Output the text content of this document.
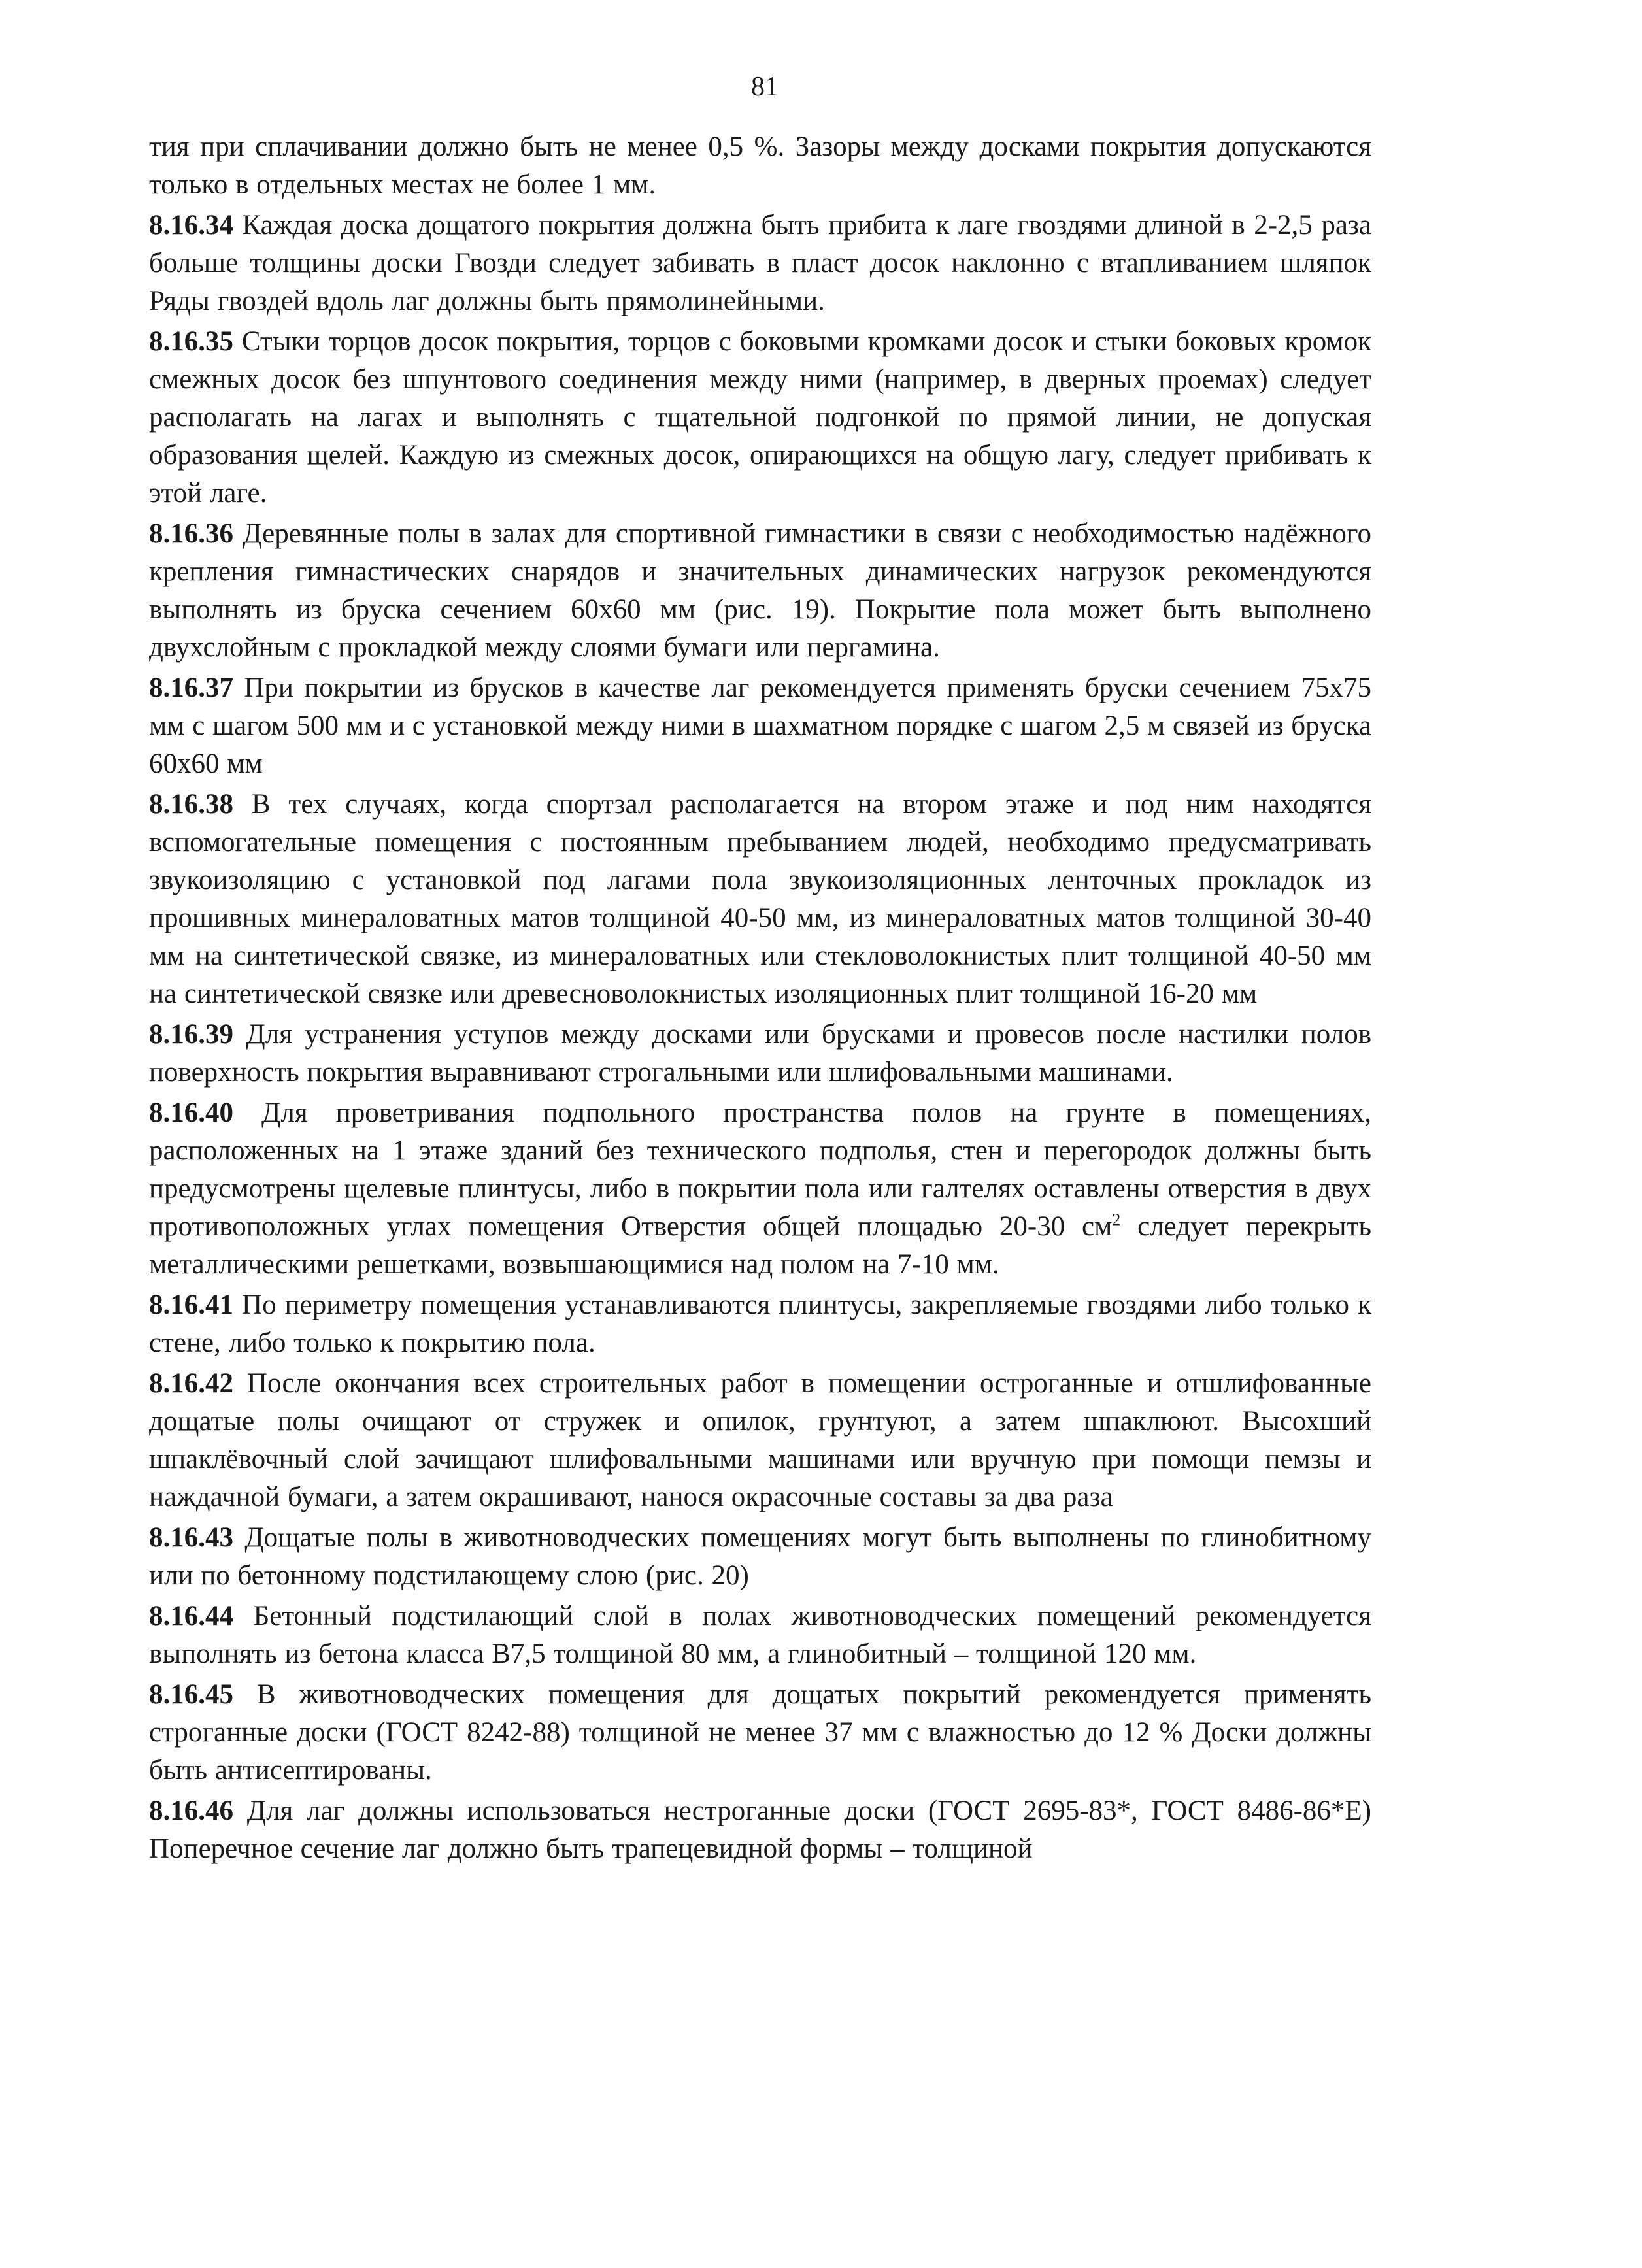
81

тия при сплачивании должно быть не менее 0,5 %. Зазоры между досками покрытия допускаются только в отдельных местах не более 1 мм.

8.16.34 Каждая доска дощатого покрытия должна быть прибита к лаге гвоздями длиной в 2-2,5 раза больше толщины доски Гвозди следует забивать в пласт досок наклонно с втапливанием шляпок Ряды гвоздей вдоль лаг должны быть прямолинейными.

8.16.35 Стыки торцов досок покрытия, торцов с боковыми кромками досок и стыки боковых кромок смежных досок без шпунтового соединения между ними (например, в дверных проемах) следует располагать на лагах и выполнять с тщательной подгонкой по прямой линии, не допуская образования щелей. Каждую из смежных досок, опирающихся на общую лагу, следует прибивать к этой лаге.

8.16.36 Деревянные полы в залах для спортивной гимнастики в связи с необходимостью надёжного крепления гимнастических снарядов и значительных динамических нагрузок рекомендуются выполнять из бруска сечением 60х60 мм (рис. 19). Покрытие пола может быть выполнено двухслойным с прокладкой между слоями бумаги или пергамина.

8.16.37 При покрытии из брусков в качестве лаг рекомендуется применять бруски сечением 75х75 мм с шагом 500 мм и с установкой между ними в шахматном порядке с шагом 2,5 м связей из бруска 60х60 мм

8.16.38 В тех случаях, когда спортзал располагается на втором этаже и под ним находятся вспомогательные помещения с постоянным пребыванием людей, необходимо предусматривать звукоизоляцию с установкой под лагами пола звукоизоляционных ленточных прокладок из прошивных минераловатных матов толщиной 40-50 мм, из минераловатных матов толщиной 30-40 мм на синтетической связке, из минераловатных или стекловолокнистых плит толщиной 40-50 мм на синтетической связке или древесноволокнистых изоляционных плит толщиной 16-20 мм

8.16.39 Для устранения уступов между досками или брусками и провесов после настилки полов поверхность покрытия выравнивают строгальными или шлифовальными машинами.

8.16.40 Для проветривания подпольного пространства полов на грунте в помещениях, расположенных на 1 этаже зданий без технического подполья, стен и перегородок должны быть предусмотрены щелевые плинтусы, либо в покрытии пола или галтелях оставлены отверстия в двух противоположных углах помещения Отверстия общей площадью 20-30 $см^2$ следует перекрыть металлическими решетками, возвышающимися над полом на 7-10 мм.

8.16.41 По периметру помещения устанавливаются плинтусы, закрепляемые гвоздями либо только к стене, либо только к покрытию пола.

8.16.42 После окончания всех строительных работ в помещении остроганные и отшлифованные дощатые полы очищают от стружек и опилок, грунтуют, а затем шпаклюют. Высохший шпаклёвочный слой зачищают шлифовальными машинами или вручную при помощи пемзы и наждачной бумаги, а затем окрашивают, нанося окрасочные составы за два раза

8.16.43 Дощатые полы в животноводческих помещениях могут быть выполнены по глинобитному или по бетонному подстилающему слою (рис. 20)

8.16.44 Бетонный подстилающий слой в полах животноводческих помещений рекомендуется выполнять из бетона класса В7,5 толщиной 80 мм, а глинобитный – толщиной 120 мм.

8.16.45 В животноводческих помещения для дощатых покрытий рекомендуется применять строганные доски (ГОСТ 8242-88) толщиной не менее 37 мм с влажностью до 12 % Доски должны быть антисептированы.

8.16.46 Для лаг должны использоваться нестроганные доски (ГОСТ 2695-83*, ГОСТ 8486-86*Е) Поперечное сечение лаг должно быть трапецевидной формы – толщиной
